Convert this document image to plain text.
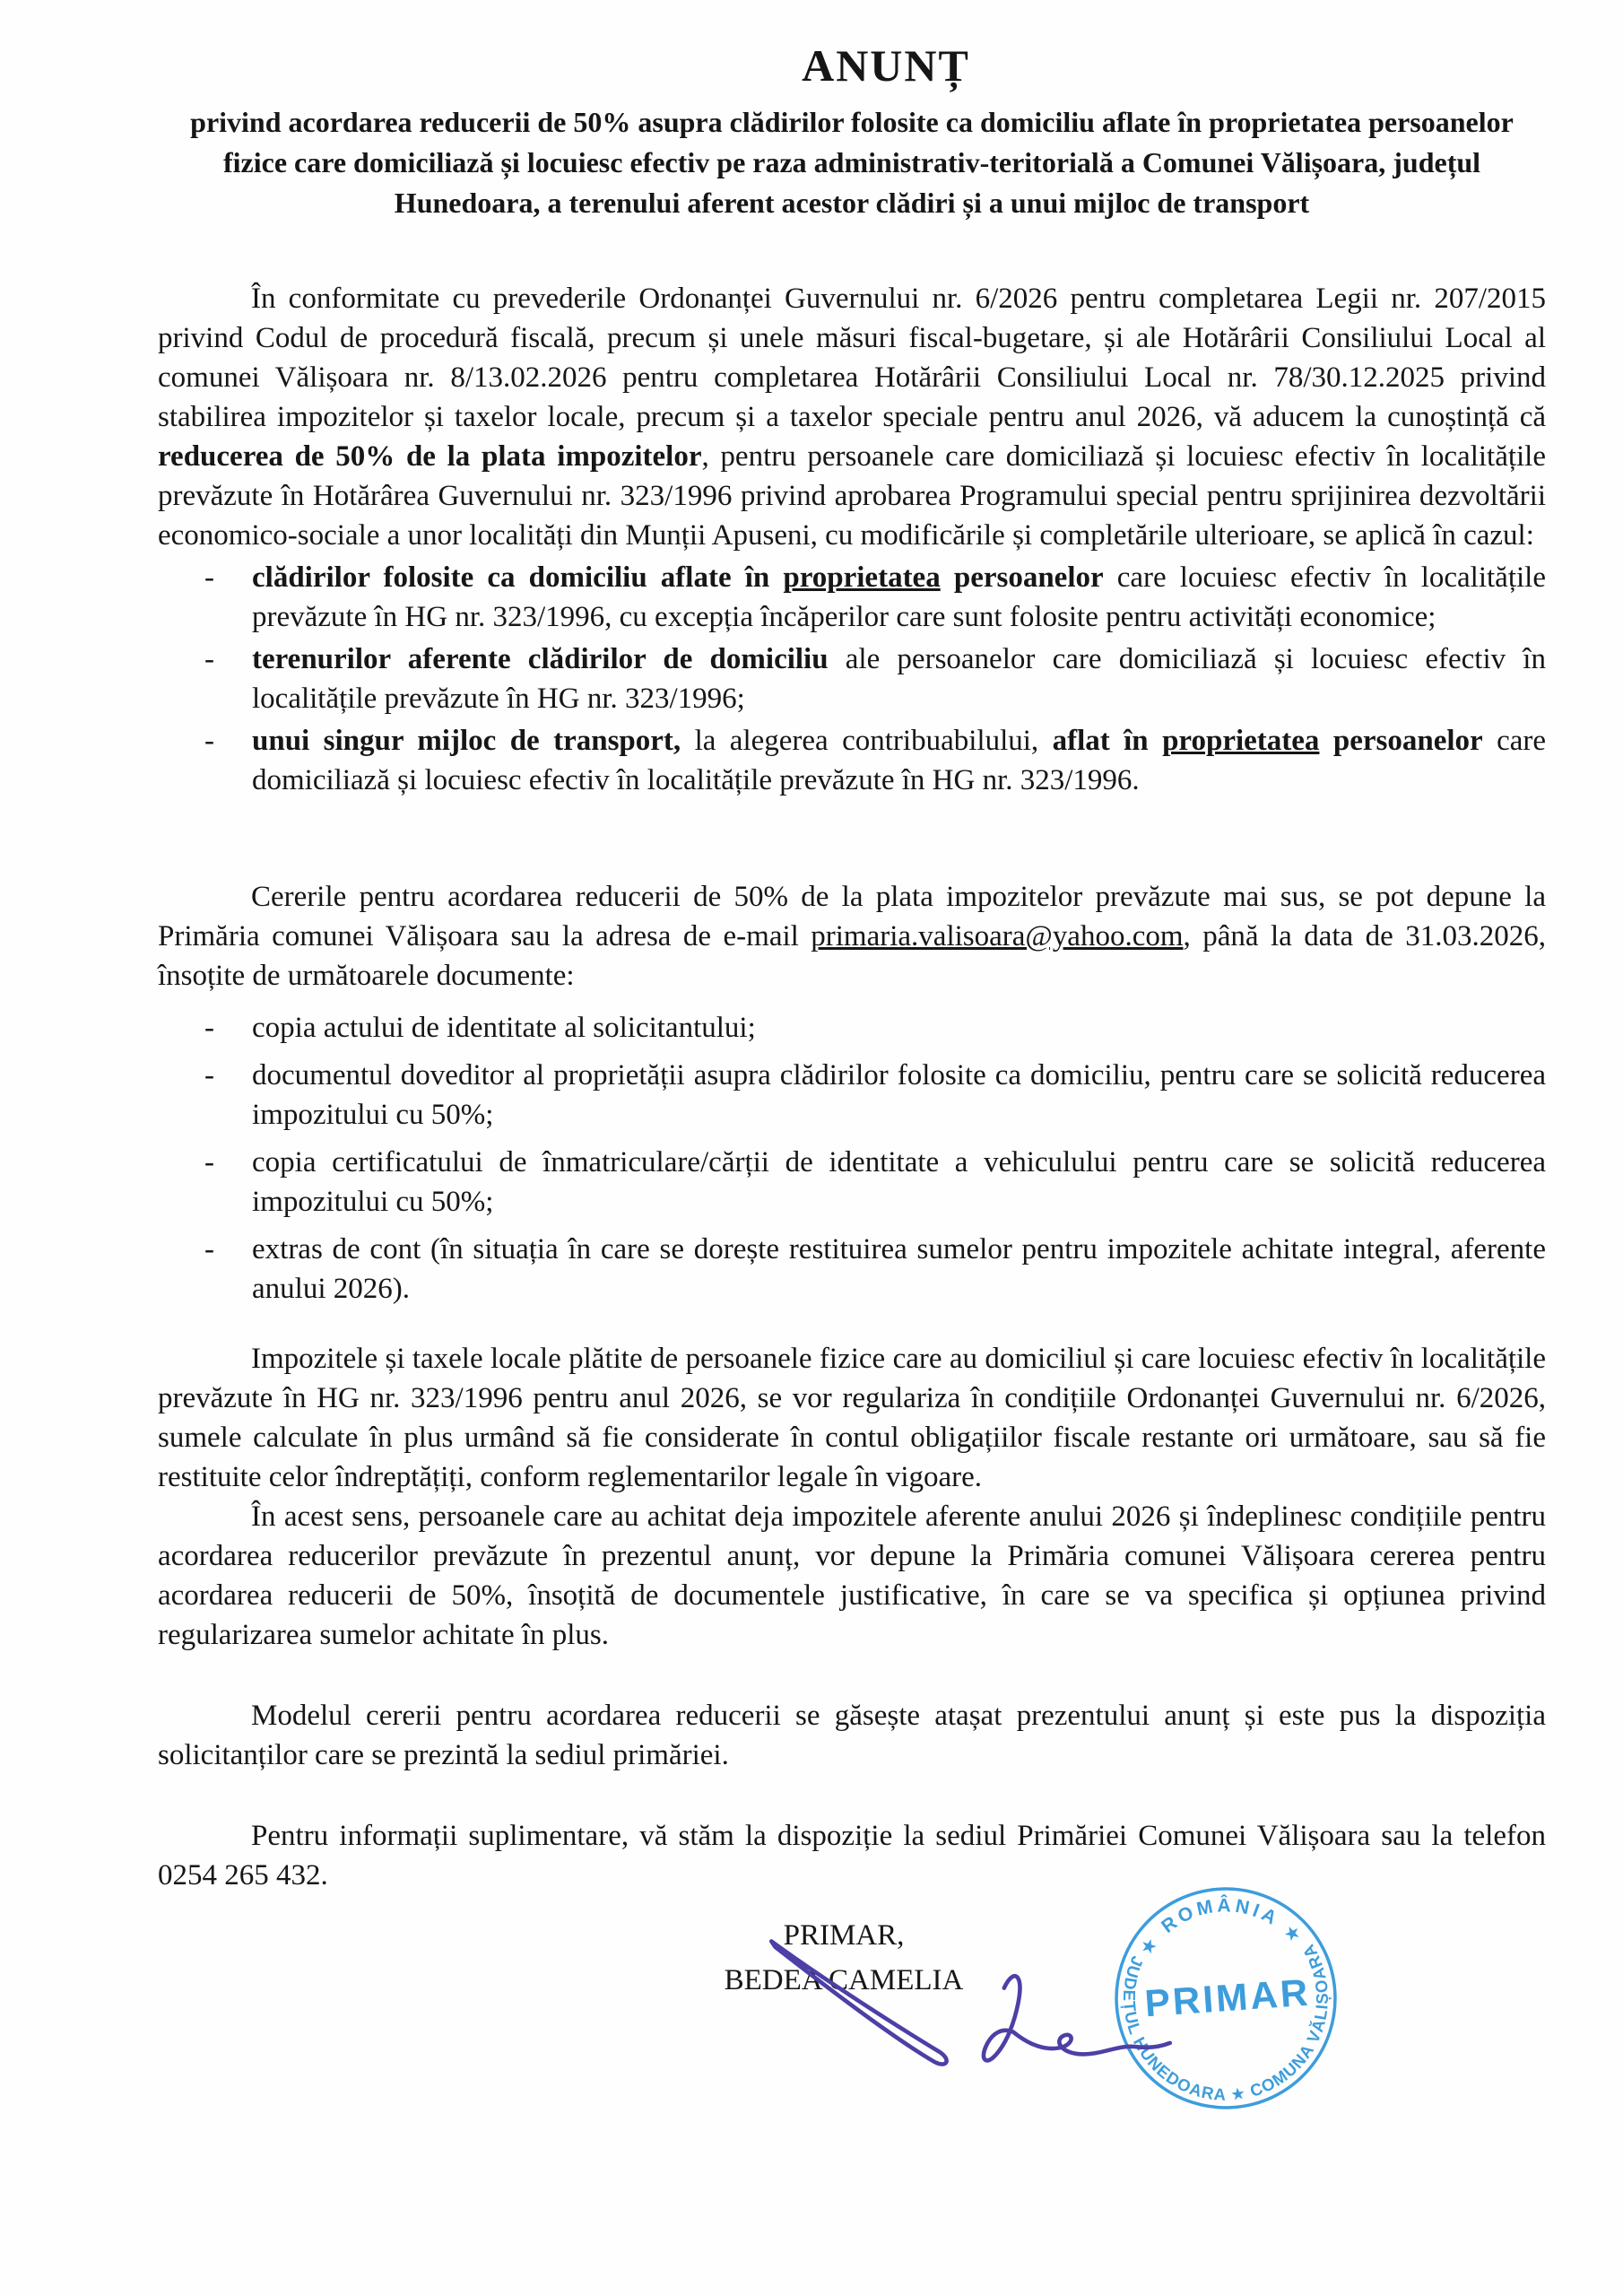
ANUNȚ
privind acordarea reducerii de 50% asupra clădirilor folosite ca domiciliu aflate în proprietatea persoanelor fizice care domiciliază și locuiesc efectiv pe raza administrativ-teritorială a Comunei Vălișoara, județul Hunedoara, a terenului aferent acestor clădiri și a unui mijloc de transport

În conformitate cu prevederile Ordonanței Guvernului nr. 6/2026 pentru completarea Legii nr. 207/2015 privind Codul de procedură fiscală, precum și unele măsuri fiscal-bugetare, și ale Hotărârii Consiliului Local al comunei Vălișoara nr. 8/13.02.2026 pentru completarea Hotărârii Consiliului Local nr. 78/30.12.2025 privind stabilirea impozitelor și taxelor locale, precum și a taxelor speciale pentru anul 2026, vă aducem la cunoștință că reducerea de 50% de la plata impozitelor, pentru persoanele care domiciliază și locuiesc efectiv în localitățile prevăzute în Hotărârea Guvernului nr. 323/1996 privind aprobarea Programului special pentru sprijinirea dezvoltării economico-sociale a unor localități din Munții Apuseni, cu modificările și completările ulterioare, se aplică în cazul:

-	clădirilor folosite ca domiciliu aflate în proprietatea persoanelor care locuiesc efectiv în localitățile prevăzute în HG nr. 323/1996, cu excepția încăperilor care sunt folosite pentru activități economice;
-	terenurilor aferente clădirilor de domiciliu ale persoanelor care domiciliază și locuiesc efectiv în localitățile prevăzute în HG nr. 323/1996;
-	unui singur mijloc de transport, la alegerea contribuabilului, aflat în proprietatea persoanelor care domiciliază și locuiesc efectiv în localitățile prevăzute în HG nr. 323/1996.

Cererile pentru acordarea reducerii de 50% de la plata impozitelor prevăzute mai sus, se pot depune la Primăria comunei Vălișoara sau la adresa de e-mail primaria.valisoara@yahoo.com, până la data de 31.03.2026, însoțite de următoarele documente:

-	copia actului de identitate al solicitantului;
-	documentul doveditor al proprietății asupra clădirilor folosite ca domiciliu, pentru care se solicită reducerea impozitului cu 50%;
-	copia certificatului de înmatriculare/cărții de identitate a vehiculului pentru care se solicită reducerea impozitului cu 50%;
-	extras de cont (în situația în care se dorește restituirea sumelor pentru impozitele achitate integral, aferente anului 2026).

Impozitele și taxele locale plătite de persoanele fizice care au domiciliul și care locuiesc efectiv în localitățile prevăzute în HG nr. 323/1996 pentru anul 2026, se vor regulariza în condițiile Ordonanței Guvernului nr. 6/2026, sumele calculate în plus urmând să fie considerate în contul obligațiilor fiscale restante ori următoare, sau să fie restituite celor îndreptățiți, conform reglementarilor legale în vigoare.

În acest sens, persoanele care au achitat deja impozitele aferente anului 2026 și îndeplinesc condițiile pentru acordarea reducerilor prevăzute în prezentul anunț, vor depune la Primăria comunei Vălișoara cererea pentru acordarea reducerii de 50%, însoțită de documentele justificative, în care se va specifica și opțiunea privind regularizarea sumelor achitate în plus.

Modelul cererii pentru acordarea reducerii se găsește atașat prezentului anunț și este pus la dispoziția solicitanților care se prezintă la sediul primăriei.

Pentru informații suplimentare, vă stăm la dispoziție la sediul Primăriei Comunei Vălișoara sau la telefon 0254 265 432.

PRIMAR,
BEDEA CAMELIA
★ ROMÂNIA ★
JUDEȚUL HUNEDOARA ★ COMUNA VĂLIȘOARA
PRIMAR
